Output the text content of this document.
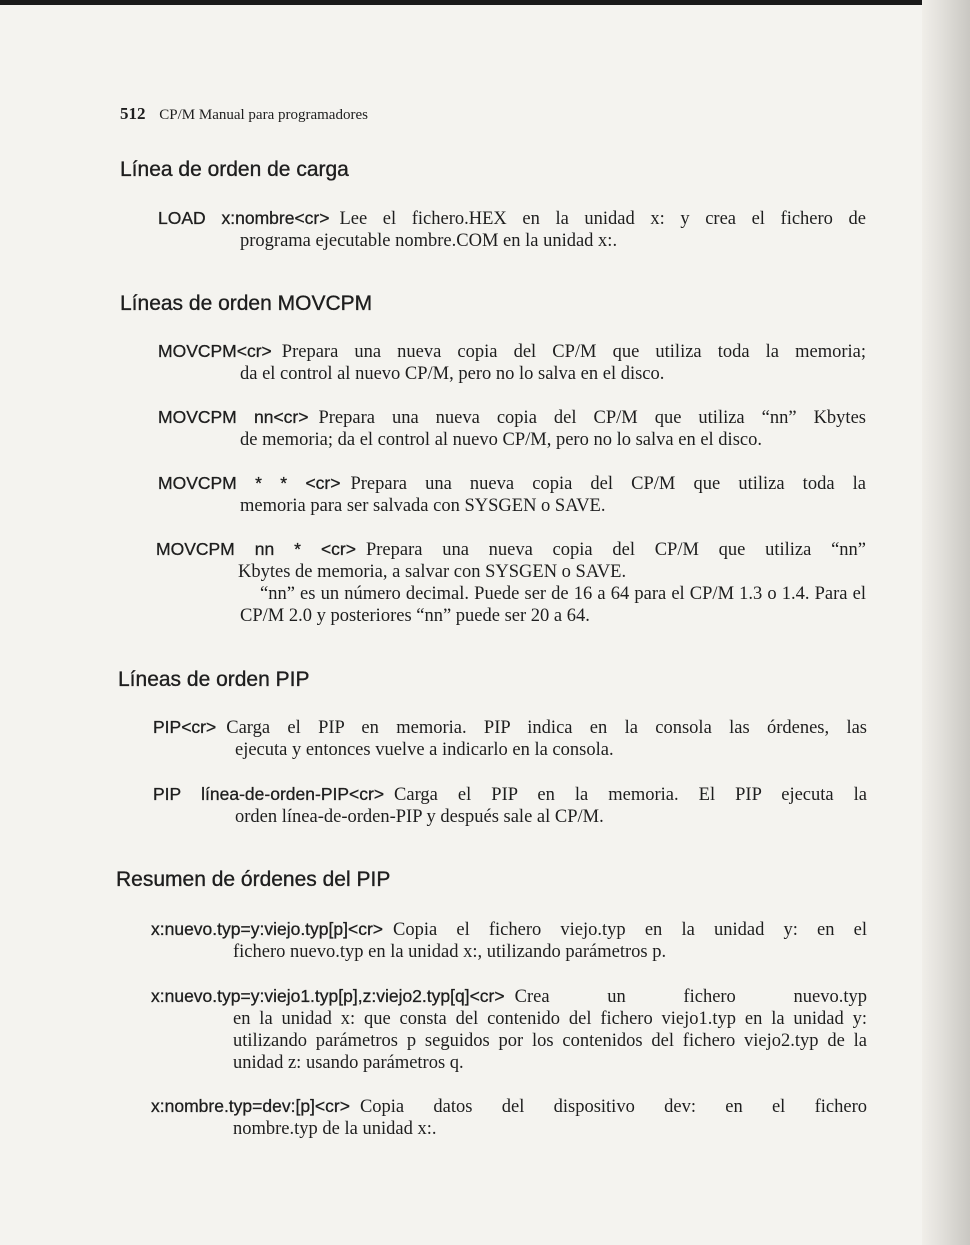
512 CP/M Manual para programadores
Línea de orden de carga
LOAD x:nombre<cr> Lee el fichero.HEX en la unidad x: y crea el fichero de
programa ejecutable nombre.COM en la unidad x:.
Líneas de orden MOVCPM
MOVCPM<cr> Prepara una nueva copia del CP/M que utiliza toda la memoria;
da el control al nuevo CP/M, pero no lo salva en el disco.
MOVCPM nn<cr> Prepara una nueva copia del CP/M que utiliza “nn” Kbytes
de memoria; da el control al nuevo CP/M, pero no lo salva en el disco.
MOVCPM * * <cr> Prepara una nueva copia del CP/M que utiliza toda la
memoria para ser salvada con SYSGEN o SAVE.
MOVCPM nn * <cr> Prepara una nueva copia del CP/M que utiliza “nn”
Kbytes de memoria, a salvar con SYSGEN o SAVE.
“nn” es un número decimal. Puede ser de 16 a 64 para el CP/M 1.3 o 1.4. Para el CP/M 2.0 y posteriores “nn” puede ser 20 a 64.
Líneas de orden PIP
PIP<cr> Carga el PIP en memoria. PIP indica en la consola las órdenes, las
ejecuta y entonces vuelve a indicarlo en la consola.
PIP línea-de-orden-PIP<cr> Carga el PIP en la memoria. El PIP ejecuta la
orden línea-de-orden-PIP y después sale al CP/M.
Resumen de órdenes del PIP
x:nuevo.typ=y:viejo.typ[p]<cr> Copia el fichero viejo.typ en la unidad y: en el
fichero nuevo.typ en la unidad x:, utilizando parámetros p.
x:nuevo.typ=y:viejo1.typ[p],z:viejo2.typ[q]<cr> Crea un fichero nuevo.typ
en la unidad x: que consta del contenido del fichero viejo1.typ en la unidad y: utilizando parámetros p seguidos por los contenidos del fichero viejo2.typ de la unidad z: usando parámetros q.
x:nombre.typ=dev:[p]<cr> Copia datos del dispositivo dev: en el fichero
nombre.typ de la unidad x:.
